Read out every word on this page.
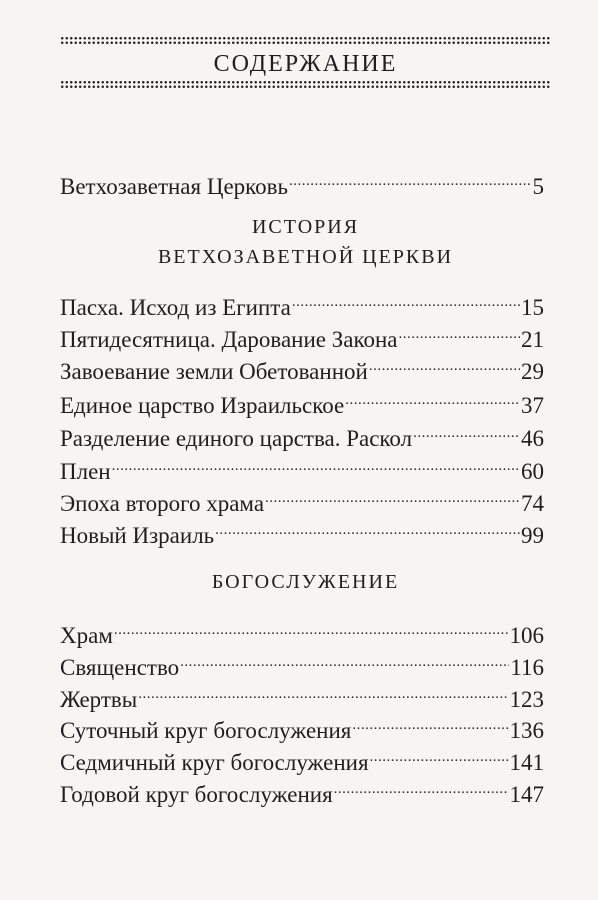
СОДЕРЖАНИЕ
Ветхозаветная Церковь .....	5
ИСТОРИЯ
ВЕТХОЗАВЕТНОЙ ЦЕРКВИ
Пасха. Исход из Египта .....	15
Пятидесятница. Дарование Закона .....	21
Завоевание земли Обетованной .....	29
Единое царство Израильское .....	37
Разделение единого царства. Раскол .....	46
Плен .....	60
Эпоха второго храма .....	74
Новый Израиль .....	99
БОГОСЛУЖЕНИЕ
Храм .....	106
Священство .....	116
Жертвы .....	123
Суточный круг богослужения .....	136
Седмичный круг богослужения .....	141
Годовой круг богослужения .....	147
